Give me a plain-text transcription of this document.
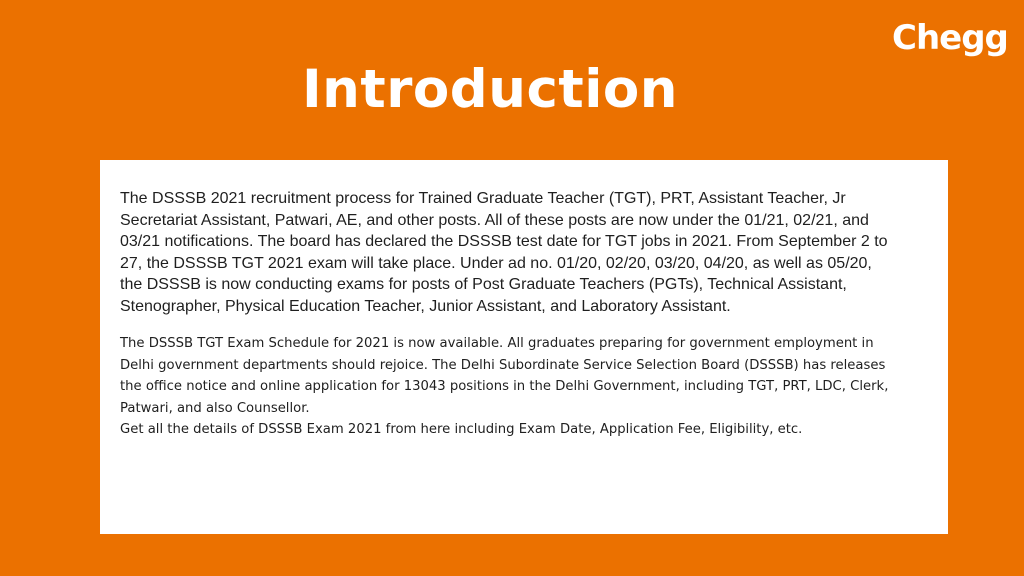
Chegg
Introduction

The DSSSB 2021 recruitment process for Trained Graduate Teacher (TGT), PRT, Assistant Teacher, Jr Secretariat Assistant, Patwari, AE, and other posts. All of these posts are now under the 01/21, 02/21, and 03/21 notifications. The board has declared the DSSSB test date for TGT jobs in 2021. From September 2 to 27, the DSSSB TGT 2021 exam will take place. Under ad no. 01/20, 02/20, 03/20, 04/20, as well as 05/20, the DSSSB is now conducting exams for posts of Post Graduate Teachers (PGTs), Technical Assistant, Stenographer, Physical Education Teacher, Junior Assistant, and Laboratory Assistant.

The DSSSB TGT Exam Schedule for 2021 is now available. All graduates preparing for government employment in Delhi government departments should rejoice. The Delhi Subordinate Service Selection Board (DSSSB) has releases the office notice and online application for 13043 positions in the Delhi Government, including TGT, PRT, LDC, Clerk, Patwari, and also Counsellor.

Get all the details of DSSSB Exam 2021 from here including Exam Date, Application Fee, Eligibility, etc.
